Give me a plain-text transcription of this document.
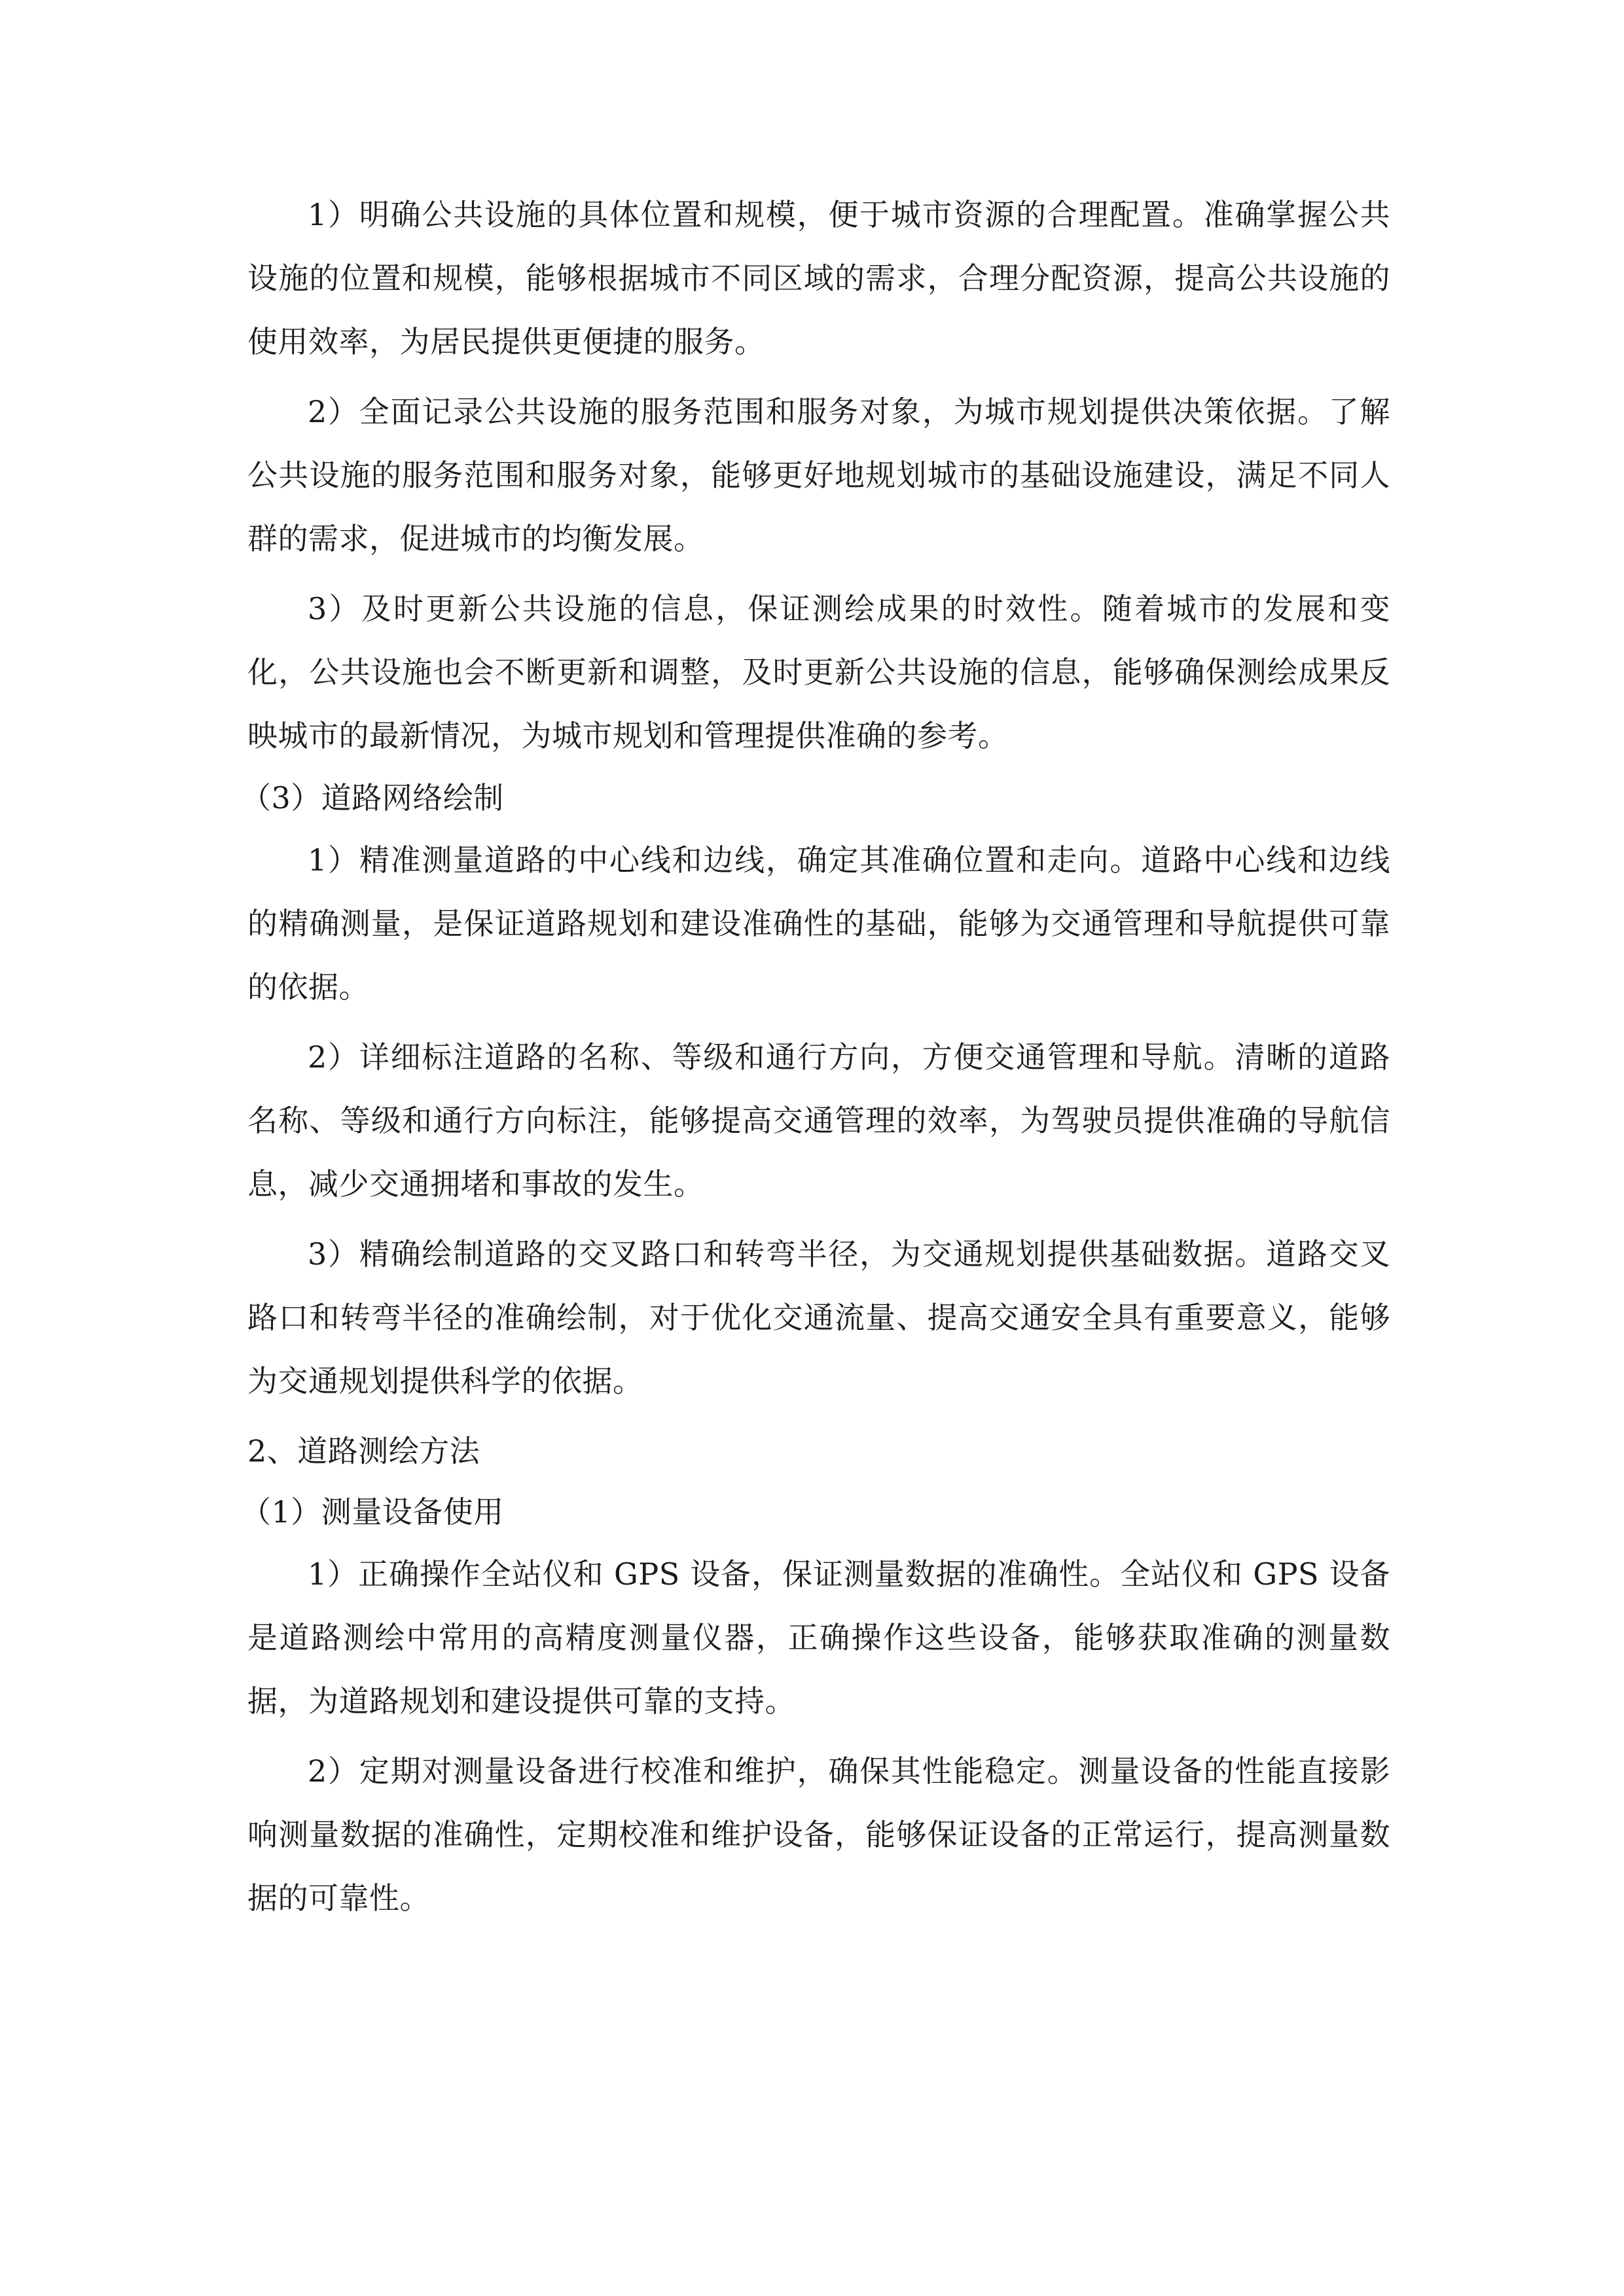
1）明确公共设施的具体位置和规模，便于城市资源的合理配置。准确掌握公共设施的位置和规模，能够根据城市不同区域的需求，合理分配资源，提高公共设施的使用效率，为居民提供更便捷的服务。

2）全面记录公共设施的服务范围和服务对象，为城市规划提供决策依据。了解公共设施的服务范围和服务对象，能够更好地规划城市的基础设施建设，满足不同人群的需求，促进城市的均衡发展。

3）及时更新公共设施的信息，保证测绘成果的时效性。随着城市的发展和变化，公共设施也会不断更新和调整，及时更新公共设施的信息，能够确保测绘成果反映城市的最新情况，为城市规划和管理提供准确的参考。

（3）道路网络绘制

1）精准测量道路的中心线和边线，确定其准确位置和走向。道路中心线和边线的精确测量，是保证道路规划和建设准确性的基础，能够为交通管理和导航提供可靠的依据。

2）详细标注道路的名称、等级和通行方向，方便交通管理和导航。清晰的道路名称、等级和通行方向标注，能够提高交通管理的效率，为驾驶员提供准确的导航信息，减少交通拥堵和事故的发生。

3）精确绘制道路的交叉路口和转弯半径，为交通规划提供基础数据。道路交叉路口和转弯半径的准确绘制，对于优化交通流量、提高交通安全具有重要意义，能够为交通规划提供科学的依据。

2、道路测绘方法

（1）测量设备使用

1）正确操作全站仪和 GPS 设备，保证测量数据的准确性。全站仪和 GPS 设备是道路测绘中常用的高精度测量仪器，正确操作这些设备，能够获取准确的测量数据，为道路规划和建设提供可靠的支持。

2）定期对测量设备进行校准和维护，确保其性能稳定。测量设备的性能直接影响测量数据的准确性，定期校准和维护设备，能够保证设备的正常运行，提高测量数据的可靠性。
